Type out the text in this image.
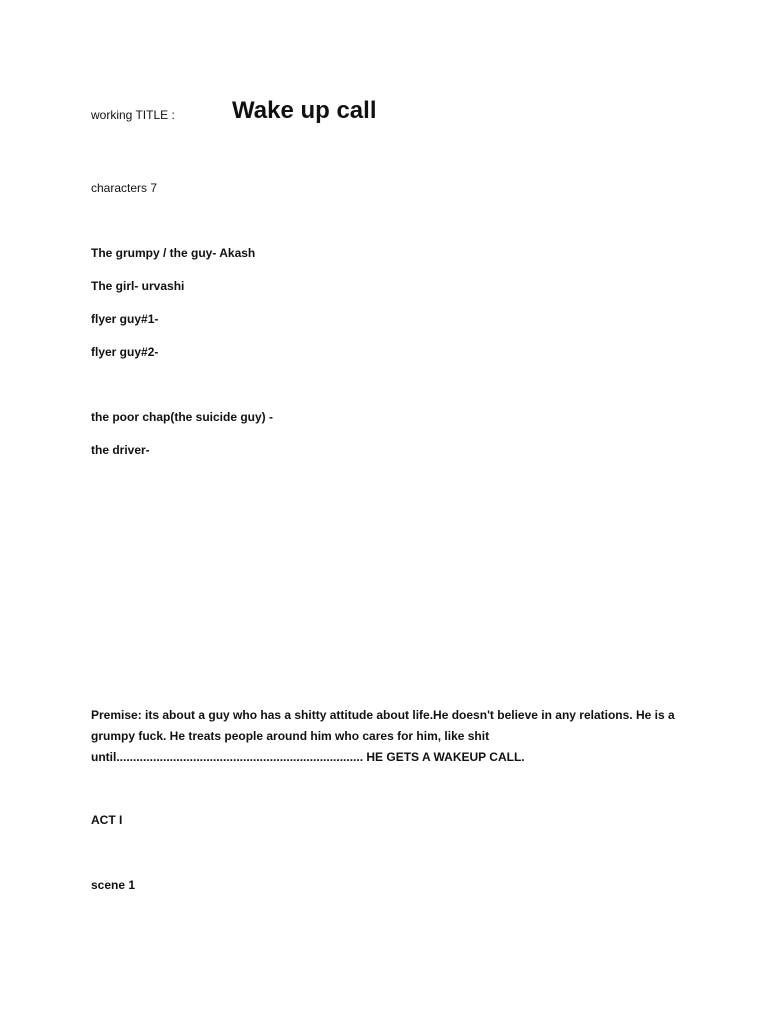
working TITLE : Wake up call
characters 7
The grumpy / the guy- Akash
The girl- urvashi
flyer guy#1-
flyer guy#2-
the poor chap(the suicide guy) -
the driver-

Premise: its about a guy who has a shitty attitude about life.He doesn't believe in any relations. He is a

grumpy fuck. He treats people around him who cares for him, like shit

until.......................................................................... HE GETS A WAKEUP CALL.

ACT I
scene 1
